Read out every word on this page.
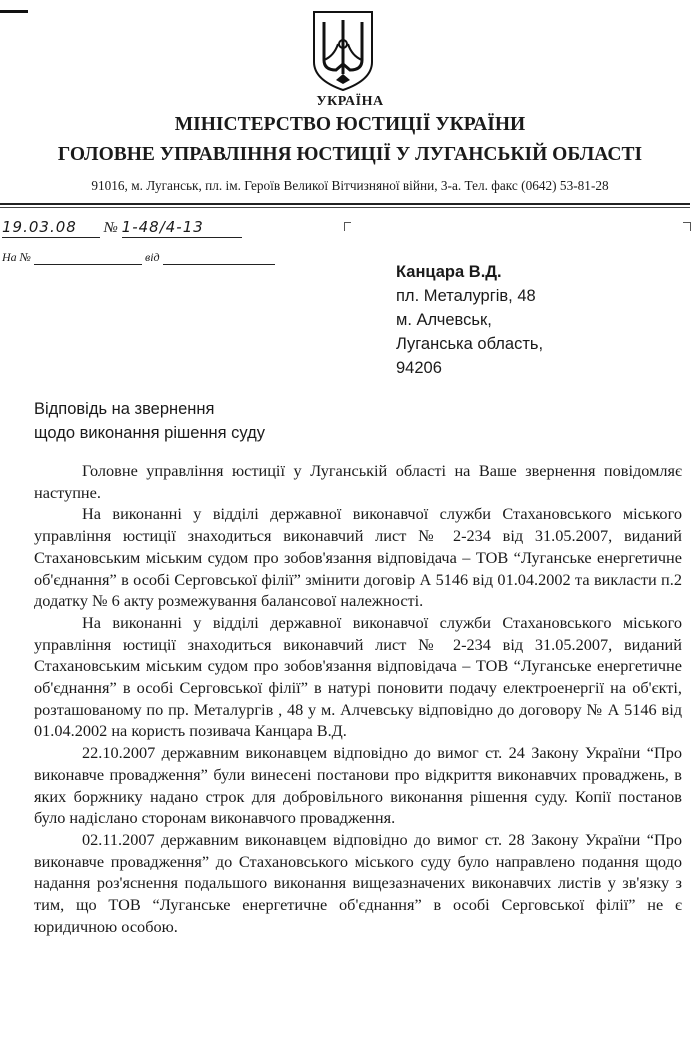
УКРАЇНА
МІНІСТЕРСТВО ЮСТИЦІЇ УКРАЇНИ
ГОЛОВНЕ УПРАВЛІННЯ ЮСТИЦІЇ У ЛУГАНСЬКІЙ ОБЛАСТІ
91016, м. Луганськ, пл. ім. Героїв Великої Вітчизняної війни, 3-а. Тел. факс (0642) 53-81-28
19.03.08 № 1-48/4-13
На №	від
Канцара В.Д.
пл. Металургів, 48
м. Алчевськ,
Луганська область,
94206
Відповідь на звернення
щодо виконання рішення суду

Головне управління юстиції у Луганській області на Ваше звернення повідомляє наступне.

На виконанні у відділі державної виконавчої служби Стахановського міського управління юстиції знаходиться виконавчий лист № 2-234 від 31.05.2007, виданий Стахановським міським судом про зобов'язання відповідача – ТОВ “Луганське енергетичне об'єднання” в особі Серговської філії” змінити договір А 5146 від 01.04.2002 та викласти п.2 додатку № 6 акту розмежування балансової належності.

На виконанні у відділі державної виконавчої служби Стахановського міського управління юстиції знаходиться виконавчий лист № 2-234 від 31.05.2007, виданий Стахановським міським судом про зобов'язання відповідача – ТОВ “Луганське енергетичне об'єднання” в особі Серговської філії” в натурі поновити подачу електроенергії на об'єкті, розташованому по пр. Металургів , 48 у м. Алчевську відповідно до договору № А 5146 від 01.04.2002 на користь позивача Канцара В.Д.

22.10.2007 державним виконавцем відповідно до вимог ст. 24 Закону України “Про виконавче провадження” були винесені постанови про відкриття виконавчих проваджень, в яких боржнику надано строк для добровільного виконання рішення суду. Копії постанов було надіслано сторонам виконавчого провадження.

02.11.2007 державним виконавцем відповідно до вимог ст. 28 Закону України “Про виконавче провадження” до Стахановського міського суду було направлено подання щодо надання роз'яснення подальшого виконання вищезазначених виконавчих листів у зв'язку з тим, що ТОВ “Луганське енергетичне об'єднання” в особі Серговської філії” не є юридичною особою.
